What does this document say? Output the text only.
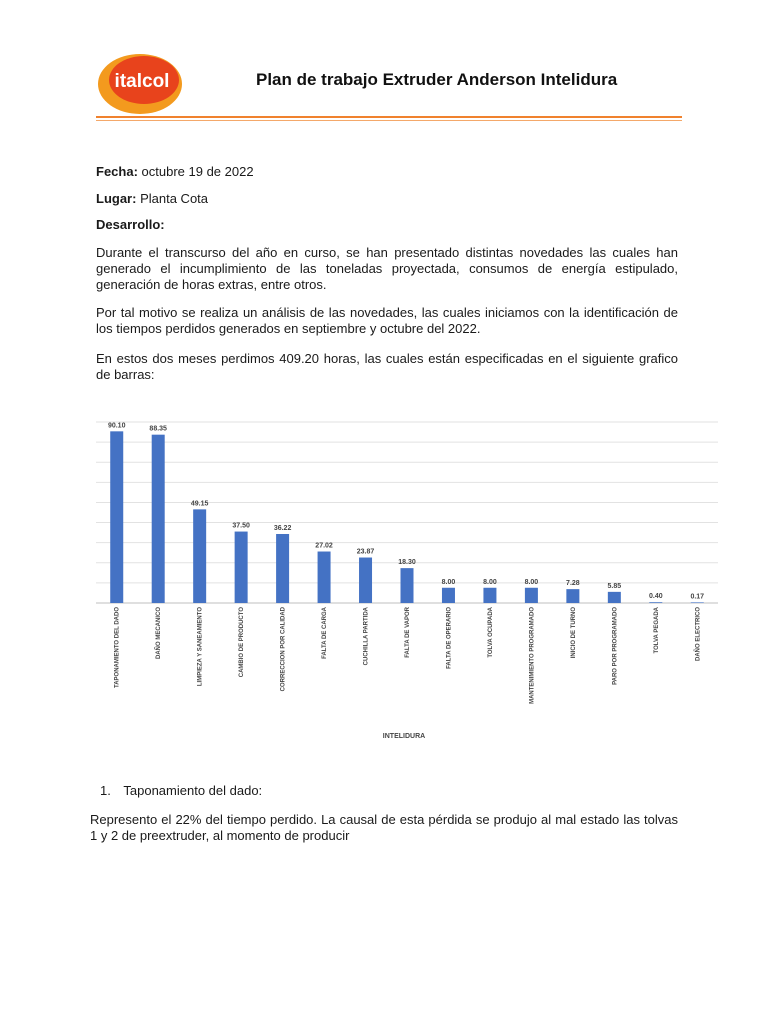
italcol	Plan de trabajo Extruder Anderson Intelidura
Fecha: octubre 19 de 2022
Lugar: Planta Cota
Desarrollo:
Durante el transcurso del año en curso, se han presentado distintas novedades las cuales han generado el incumplimiento de las toneladas proyectada, consumos de energía estipulado, generación de horas extras, entre otros.
Por tal motivo se realiza un análisis de las novedades, las cuales iniciamos con la identificación de los tiempos perdidos generados en septiembre y octubre del 2022.
En estos dos meses perdimos 409.20 horas, las cuales están especificadas en el siguiente grafico de barras:
90.10	88.35
49.15
37.50	36.22
27.02
23.87
18.30
8.00	8.00	8.00	7.28	5.85
0.40	0.17
TAPONAMIENTO DEL DADO	DAÑO MECANICO	LIMPIEZA Y SANEAMIENTO	CAMBIO DE PRODUCTO	CORRECCION POR CALIDAD	FALTA DE CARGA	CUCHILLA PARTIDA	FALTA DE VAPOR	FALTA DE OPERARIO	TOLVA OCUPADA	MANTENIMIENTO PROGRAMADO	INICIO DE TURNO	PARO POR PROGRAMADO	TOLVA PEGADA	DAÑO ELECTRICO
INTELIDURA
1. Taponamiento del dado:
Represento el 22% del tiempo perdido. La causal de esta pérdida se produjo al mal estado las tolvas 1 y 2 de preextruder, al momento de producir
